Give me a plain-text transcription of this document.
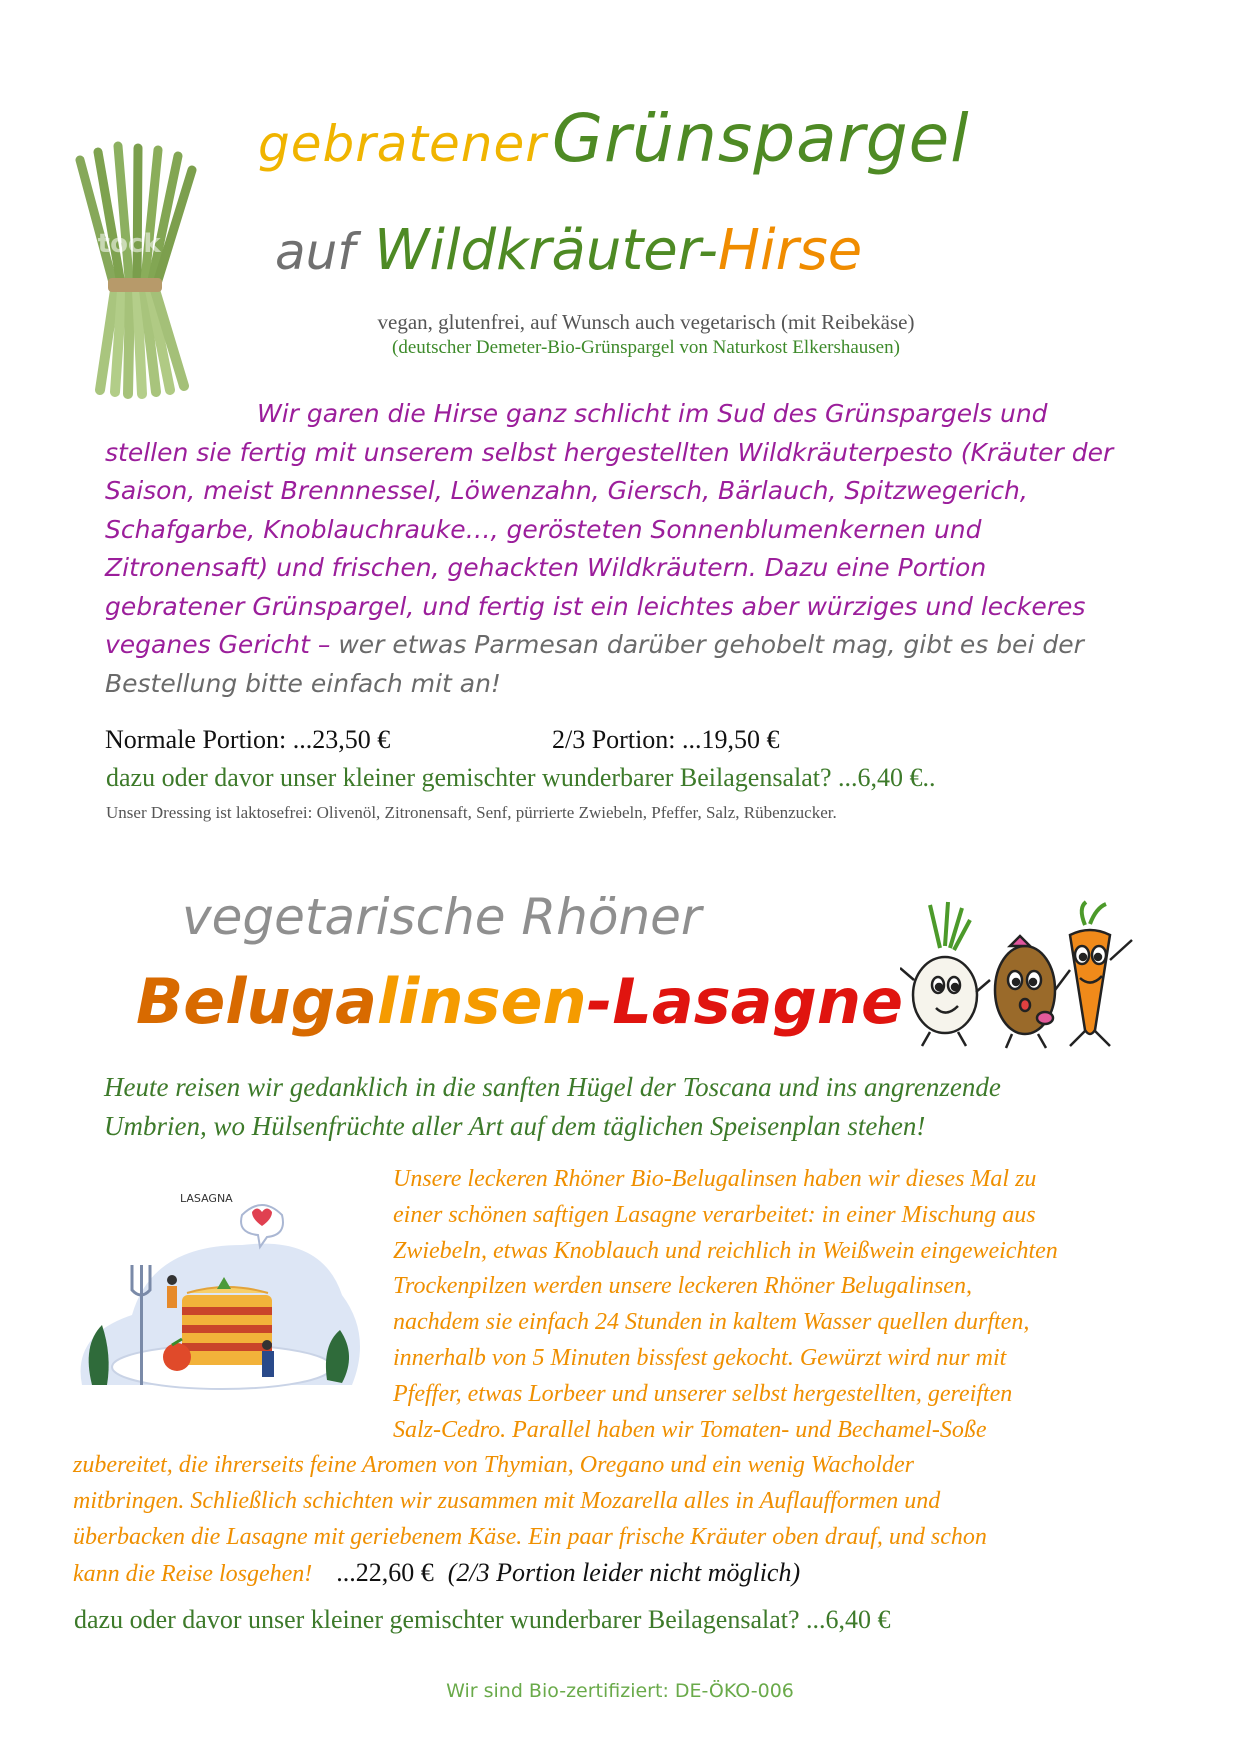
iStock
gebratener Grünspargel
auf Wildkräuter-Hirse
vegan, glutenfrei, auf Wunsch auch vegetarisch (mit Reibekäse)
(deutscher Demeter-Bio-Grünspargel von Naturkost Elkershausen)
Wir garen die Hirse ganz schlicht im Sud des Grünspargels und
stellen sie fertig mit unserem selbst hergestellten Wildkräuterpesto (Kräuter der
Saison, meist Brennnessel, Löwenzahn, Giersch, Bärlauch, Spitzwegerich,
Schafgarbe, Knoblauchrauke…, gerösteten Sonnenblumenkernen und
Zitronensaft) und frischen, gehackten Wildkräutern. Dazu eine Portion
gebratener Grünspargel, und fertig ist ein leichtes aber würziges und leckeres
veganes Gericht – wer etwas Parmesan darüber gehobelt mag, gibt es bei der
Bestellung bitte einfach mit an!
Normale Portion: ...23,50 €	2/3 Portion: ...19,50 €
dazu oder davor unser kleiner gemischter wunderbarer Beilagensalat? ...6,40 €..
Unser Dressing ist laktosefrei: Olivenöl, Zitronensaft, Senf, pürrierte Zwiebeln, Pfeffer, Salz, Rübenzucker.
vegetarische Rhöner
Belugalinsen-Lasagne
Heute reisen wir gedanklich in die sanften Hügel der Toscana und ins angrenzende
Umbrien, wo Hülsenfrüchte aller Art auf dem täglichen Speisenplan stehen!
LASAGNA
Unsere leckeren Rhöner Bio-Belugalinsen haben wir dieses Mal zu
einer schönen saftigen Lasagne verarbeitet: in einer Mischung aus
Zwiebeln, etwas Knoblauch und reichlich in Weißwein eingeweichten
Trockenpilzen werden unsere leckeren Rhöner Belugalinsen,
nachdem sie einfach 24 Stunden in kaltem Wasser quellen durften,
innerhalb von 5 Minuten bissfest gekocht. Gewürzt wird nur mit
Pfeffer, etwas Lorbeer und unserer selbst hergestellten, gereiften
Salz-Cedro. Parallel haben wir Tomaten- und Bechamel-Soße
zubereitet, die ihrerseits feine Aromen von Thymian, Oregano und ein wenig Wacholder
mitbringen. Schließlich schichten wir zusammen mit Mozarella alles in Auflaufformen und
überbacken die Lasagne mit geriebenem Käse. Ein paar frische Kräuter oben drauf, und schon
kann die Reise losgehen! ...22,60 € (2/3 Portion leider nicht möglich)
dazu oder davor unser kleiner gemischter wunderbarer Beilagensalat? ...6,40 €
Wir sind Bio-zertifiziert: DE-ÖKO-006
